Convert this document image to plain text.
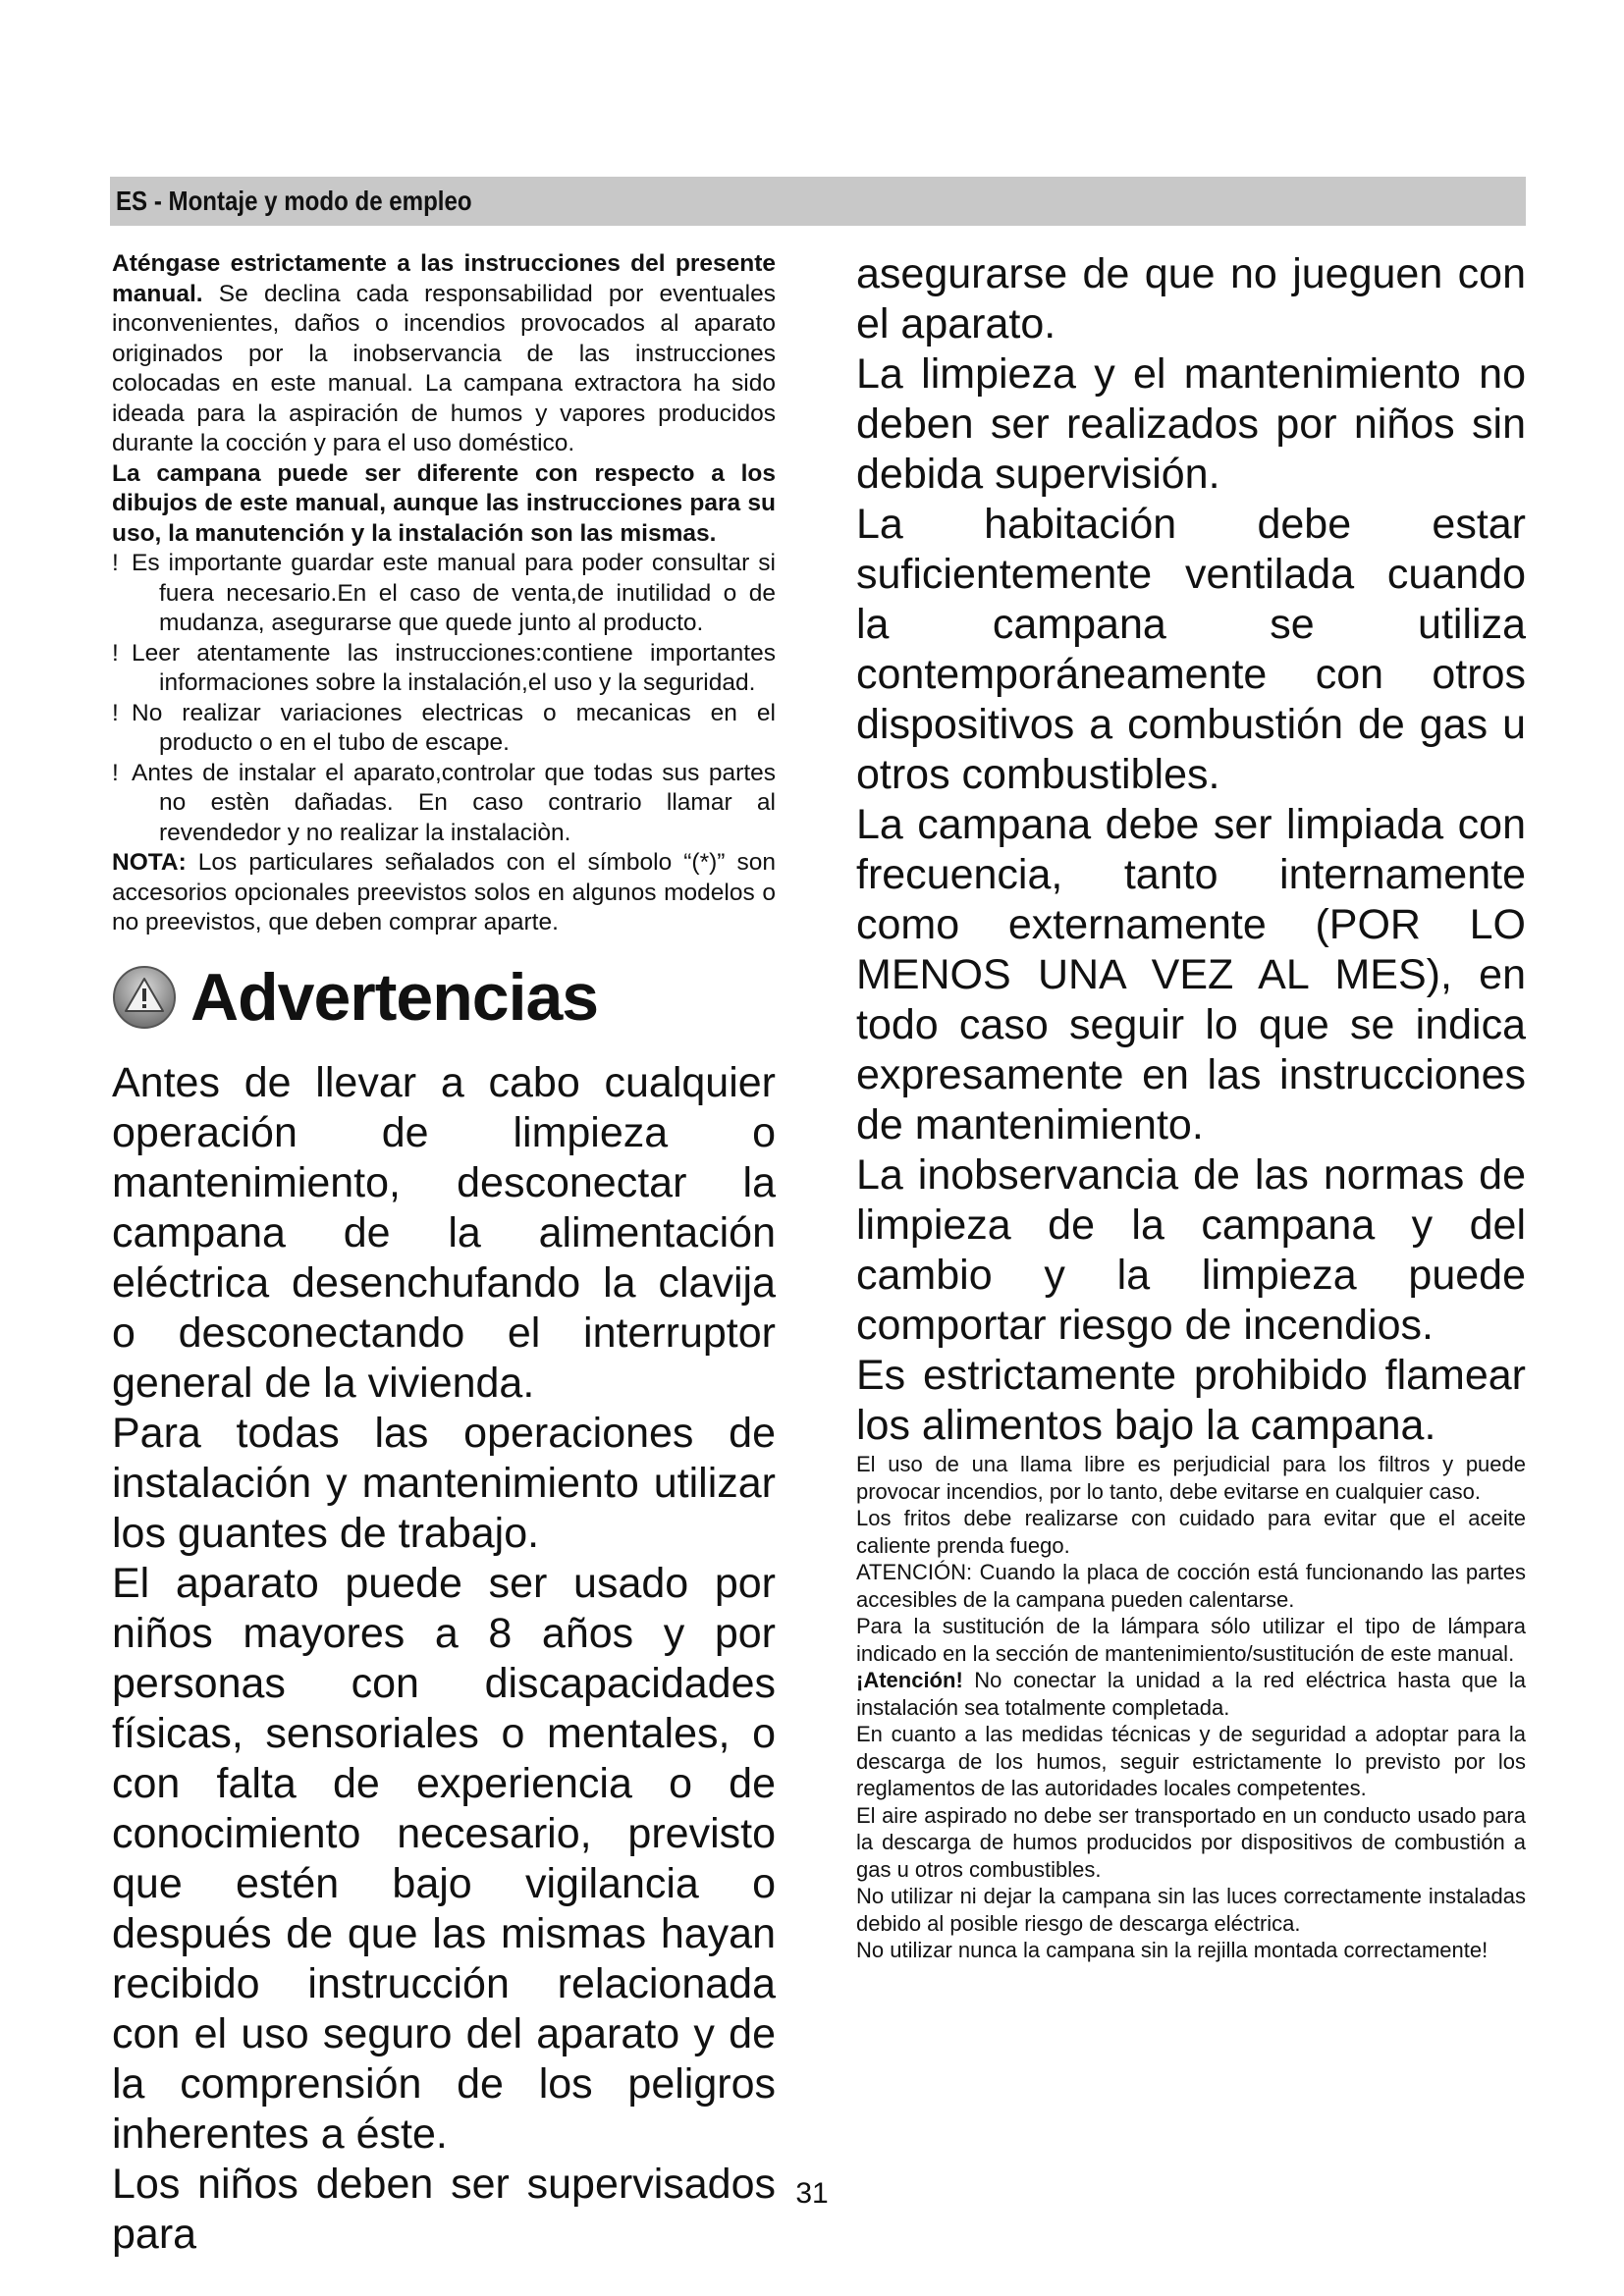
ES - Montaje y modo de empleo

Aténgase estrictamente a las instrucciones del presente manual. Se declina cada responsabilidad por eventuales inconvenientes, daños o incendios provocados al aparato originados por la inobservancia de las instrucciones colocadas en este manual. La campana extractora ha sido ideada para la aspiración de humos y vapores producidos durante la cocción y para el uso doméstico.

La campana puede ser diferente con respecto a los dibujos de este manual, aunque las instrucciones para su uso, la manutención y la instalación son las mismas.

! Es importante guardar este manual para poder consultar si fuera necesario.En el caso de venta,de inutilidad o de mudanza, asegurarse que quede junto al producto.

! Leer atentamente las instrucciones:contiene importantes informaciones sobre la instalación,el uso y la seguridad.

! No realizar variaciones electricas o mecanicas en el producto o en el tubo de escape.

! Antes de instalar el aparato,controlar que todas sus partes no estèn dañadas. En caso contrario llamar al revendedor y no realizar la instalaciòn.

NOTA: Los particulares señalados con el símbolo “(*)” son accesorios opcionales preevistos solos en algunos modelos o no preevistos, que deben comprar aparte.

Advertencias

Antes de llevar a cabo cualquier operación de limpieza o mantenimiento, desconectar la campana de la alimentación eléctrica desenchufando la clavija o desconectando el interruptor general de la vivienda.

Para todas las operaciones de instalación y mantenimiento utilizar los guantes de trabajo.

El aparato puede ser usado por niños mayores a 8 años y por personas con discapacidades físicas, sensoriales o mentales, o con falta de experiencia o de conocimiento necesario, previsto que estén bajo vigilancia o después de que las mismas hayan recibido instrucción relacionada con el uso seguro del aparato y de la comprensión de los peligros inherentes a éste.

Los niños deben ser supervisados para

asegurarse de que no jueguen con el aparato.

La limpieza y el mantenimiento no deben ser realizados por niños sin debida supervisión.

La habitación debe estar suficientemente ventilada cuando la campana se utiliza contemporáneamente con otros dispositivos a combustión de gas u otros combustibles.

La campana debe ser limpiada con frecuencia, tanto internamente como externamente (POR LO MENOS UNA VEZ AL MES), en todo caso seguir lo que se indica expresamente en las instrucciones de mantenimiento.

La inobservancia de las normas de limpieza de la campana y del cambio y la limpieza puede comportar riesgo de incendios.

Es estrictamente prohibido flamear los alimentos bajo la campana.

El uso de una llama libre es perjudicial para los filtros y puede provocar incendios, por lo tanto, debe evitarse en cualquier caso.

Los fritos debe realizarse con cuidado para evitar que el aceite caliente prenda fuego.

ATENCIÓN: Cuando la placa de cocción está funcionando las partes accesibles de la campana pueden calentarse.

Para la sustitución de la lámpara sólo utilizar el tipo de lámpara indicado en la sección de mantenimiento/sustitución de este manual.

¡Atención! No conectar la unidad a la red eléctrica hasta que la instalación sea totalmente completada.

En cuanto a las medidas técnicas y de seguridad a adoptar para la descarga de los humos, seguir estrictamente lo previsto por los reglamentos de las autoridades locales competentes.

El aire aspirado no debe ser transportado en un conducto usado para la descarga de humos producidos por dispositivos de combustión a gas u otros combustibles.

No utilizar ni dejar la campana sin las luces correctamente instaladas debido al posible riesgo de descarga eléctrica.

No utilizar nunca la campana sin la rejilla montada correctamente!

31
